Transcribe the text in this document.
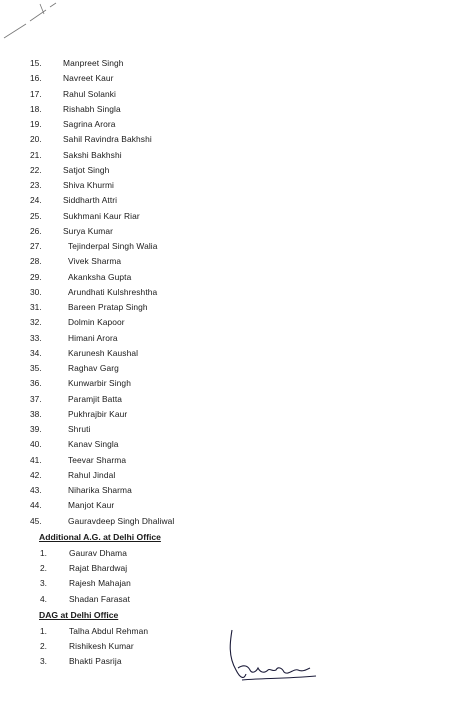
15.	Manpreet Singh
16.	Navreet Kaur
17.	Rahul Solanki
18.	Rishabh Singla
19.	Sagrina Arora
20.	Sahil Ravindra Bakhshi
21.	Sakshi Bakhshi
22.	Satjot Singh
23.	Shiva Khurmi
24.	Siddharth Attri
25.	Sukhmani Kaur Riar
26.	Surya Kumar
27.	Tejinderpal Singh Walia
28.	Vivek Sharma
29.	Akanksha Gupta
30.	Arundhati Kulshreshtha
31.	Bareen Pratap Singh
32.	Dolmin Kapoor
33.	Himani Arora
34.	Karunesh Kaushal
35.	Raghav Garg
36.	Kunwarbir Singh
37.	Paramjit Batta
38.	Pukhrajbir Kaur
39.	Shruti
40.	Kanav Singla
41.	Teevar Sharma
42.	Rahul Jindal
43.	Niharika Sharma
44.	Manjot Kaur
45.	Gauravdeep Singh Dhaliwal
Additional A.G. at Delhi Office
1.	Gaurav Dhama
2.	Rajat Bhardwaj
3.	Rajesh Mahajan
4.	Shadan Farasat
DAG at Delhi Office
1.	Talha Abdul Rehman
2.	Rishikesh Kumar
3.	Bhakti Pasrija
